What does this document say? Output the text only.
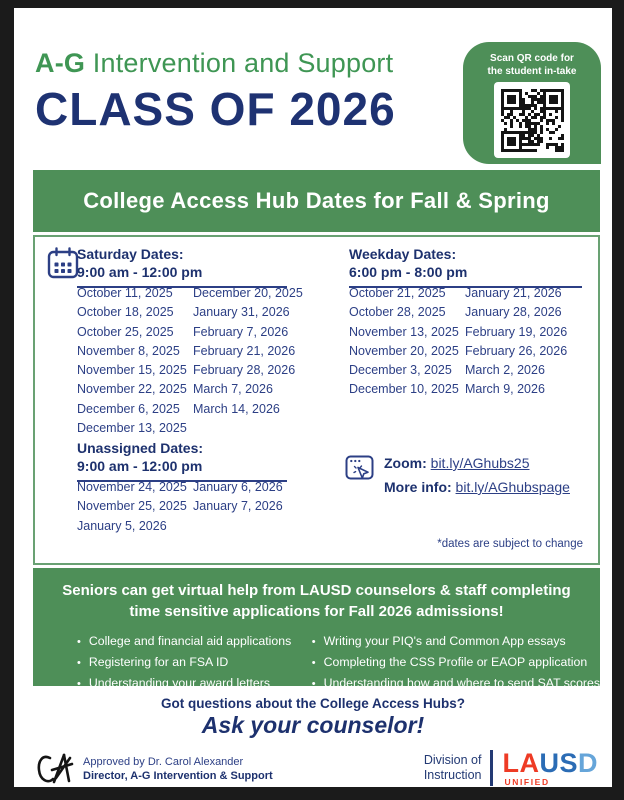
A-G Intervention and Support
CLASS OF 2026
Scan QR code for
the student in-take
College Access Hub Dates for Fall & Spring
Saturday Dates:
9:00 am - 12:00 pm
October 11, 2025
October 18, 2025
October 25, 2025
November 8, 2025
November 15, 2025
November 22, 2025
December 6, 2025
December 13, 2025
December 20, 2025
January 31, 2026
February 7, 2026
February 21, 2026
February 28, 2026
March 7, 2026
March 14, 2026
Weekday Dates:
6:00 pm - 8:00 pm
October 21, 2025
October 28, 2025
November 13, 2025
November 20, 2025
December 3, 2025
December 10, 2025
January 21, 2026
January 28, 2026
February 19, 2026
February 26, 2026
March 2, 2026
March 9, 2026
Unassigned Dates:
9:00 am - 12:00 pm
November 24, 2025
November 25, 2025
January 5, 2026
January 6, 2026
January 7, 2026
Zoom: bit.ly/AGhubs25
More info: bit.ly/AGhubspage
*dates are subject to change
Seniors can get virtual help from LAUSD counselors & staff completing
time sensitive applications for Fall 2026 admissions!
• College and financial aid applications
• Registering for an FSA ID
• Understanding your award letters
• Writing your PIQ's and Common App essays
• Completing the CSS Profile or EAOP application
• Understanding how and where to send SAT scores
Got questions about the College Access Hubs?
Ask your counselor!
Approved by Dr. Carol Alexander
Director, A-G Intervention & Support
Division of
Instruction LAUSD
UNIFIED
